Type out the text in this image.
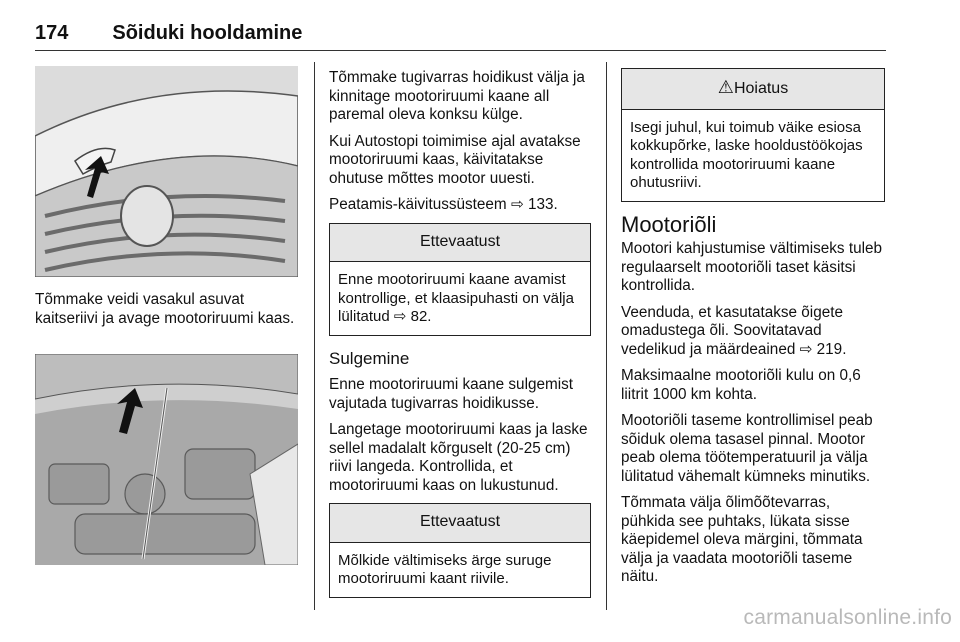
174 Sõiduki hooldamine

Tõmmake veidi vasakul asuvat kaitseriivi ja avage mootoriruumi kaas.

Tõmmake tugivarras hoidikust välja ja kinnitage mootoriruumi kaane all paremal oleva konksu külge.

Kui Autostopi toimimise ajal avatakse mootoriruumi kaas, käivitatakse ohutuse mõttes mootor uuesti.

Peatamis-käivitussüsteem ⇨ 133.

Ettevaatust
Enne mootoriruumi kaane avamist kontrollige, et klaasipuhasti on välja lülitatud ⇨ 82.
Sulgemine

Enne mootoriruumi kaane sulgemist vajutada tugivarras hoidikusse.

Langetage mootoriruumi kaas ja laske sellel madalalt kõrguselt (20-25 cm) riivi langeda. Kontrollida, et mootoriruumi kaas on lukustunud.

Ettevaatust
Mõlkide vältimiseks ärge suruge mootoriruumi kaant riivile.
⚠Hoiatus
Isegi juhul, kui toimub väike esiosa kokkupõrke, laske hooldustöökojas kontrollida mootoriruumi kaane ohutusriivi.
Mootoriõli

Mootori kahjustumise vältimiseks tuleb regulaarselt mootoriõli taset käsitsi kontrollida.

Veenduda, et kasutatakse õigete omadustega õli. Soovitatavad vedelikud ja määrdeained ⇨ 219.

Maksimaalne mootoriõli kulu on 0,6 liitrit 1000 km kohta.

Mootoriõli taseme kontrollimisel peab sõiduk olema tasasel pinnal. Mootor peab olema töötemperatuuril ja välja lülitatud vähemalt kümneks minutiks.

Tõmmata välja õlimõõtevarras, pühkida see puhtaks, lükata sisse käepidemel oleva märgini, tõmmata välja ja vaadata mootoriõli taseme näitu.

carmanualsonline.info
